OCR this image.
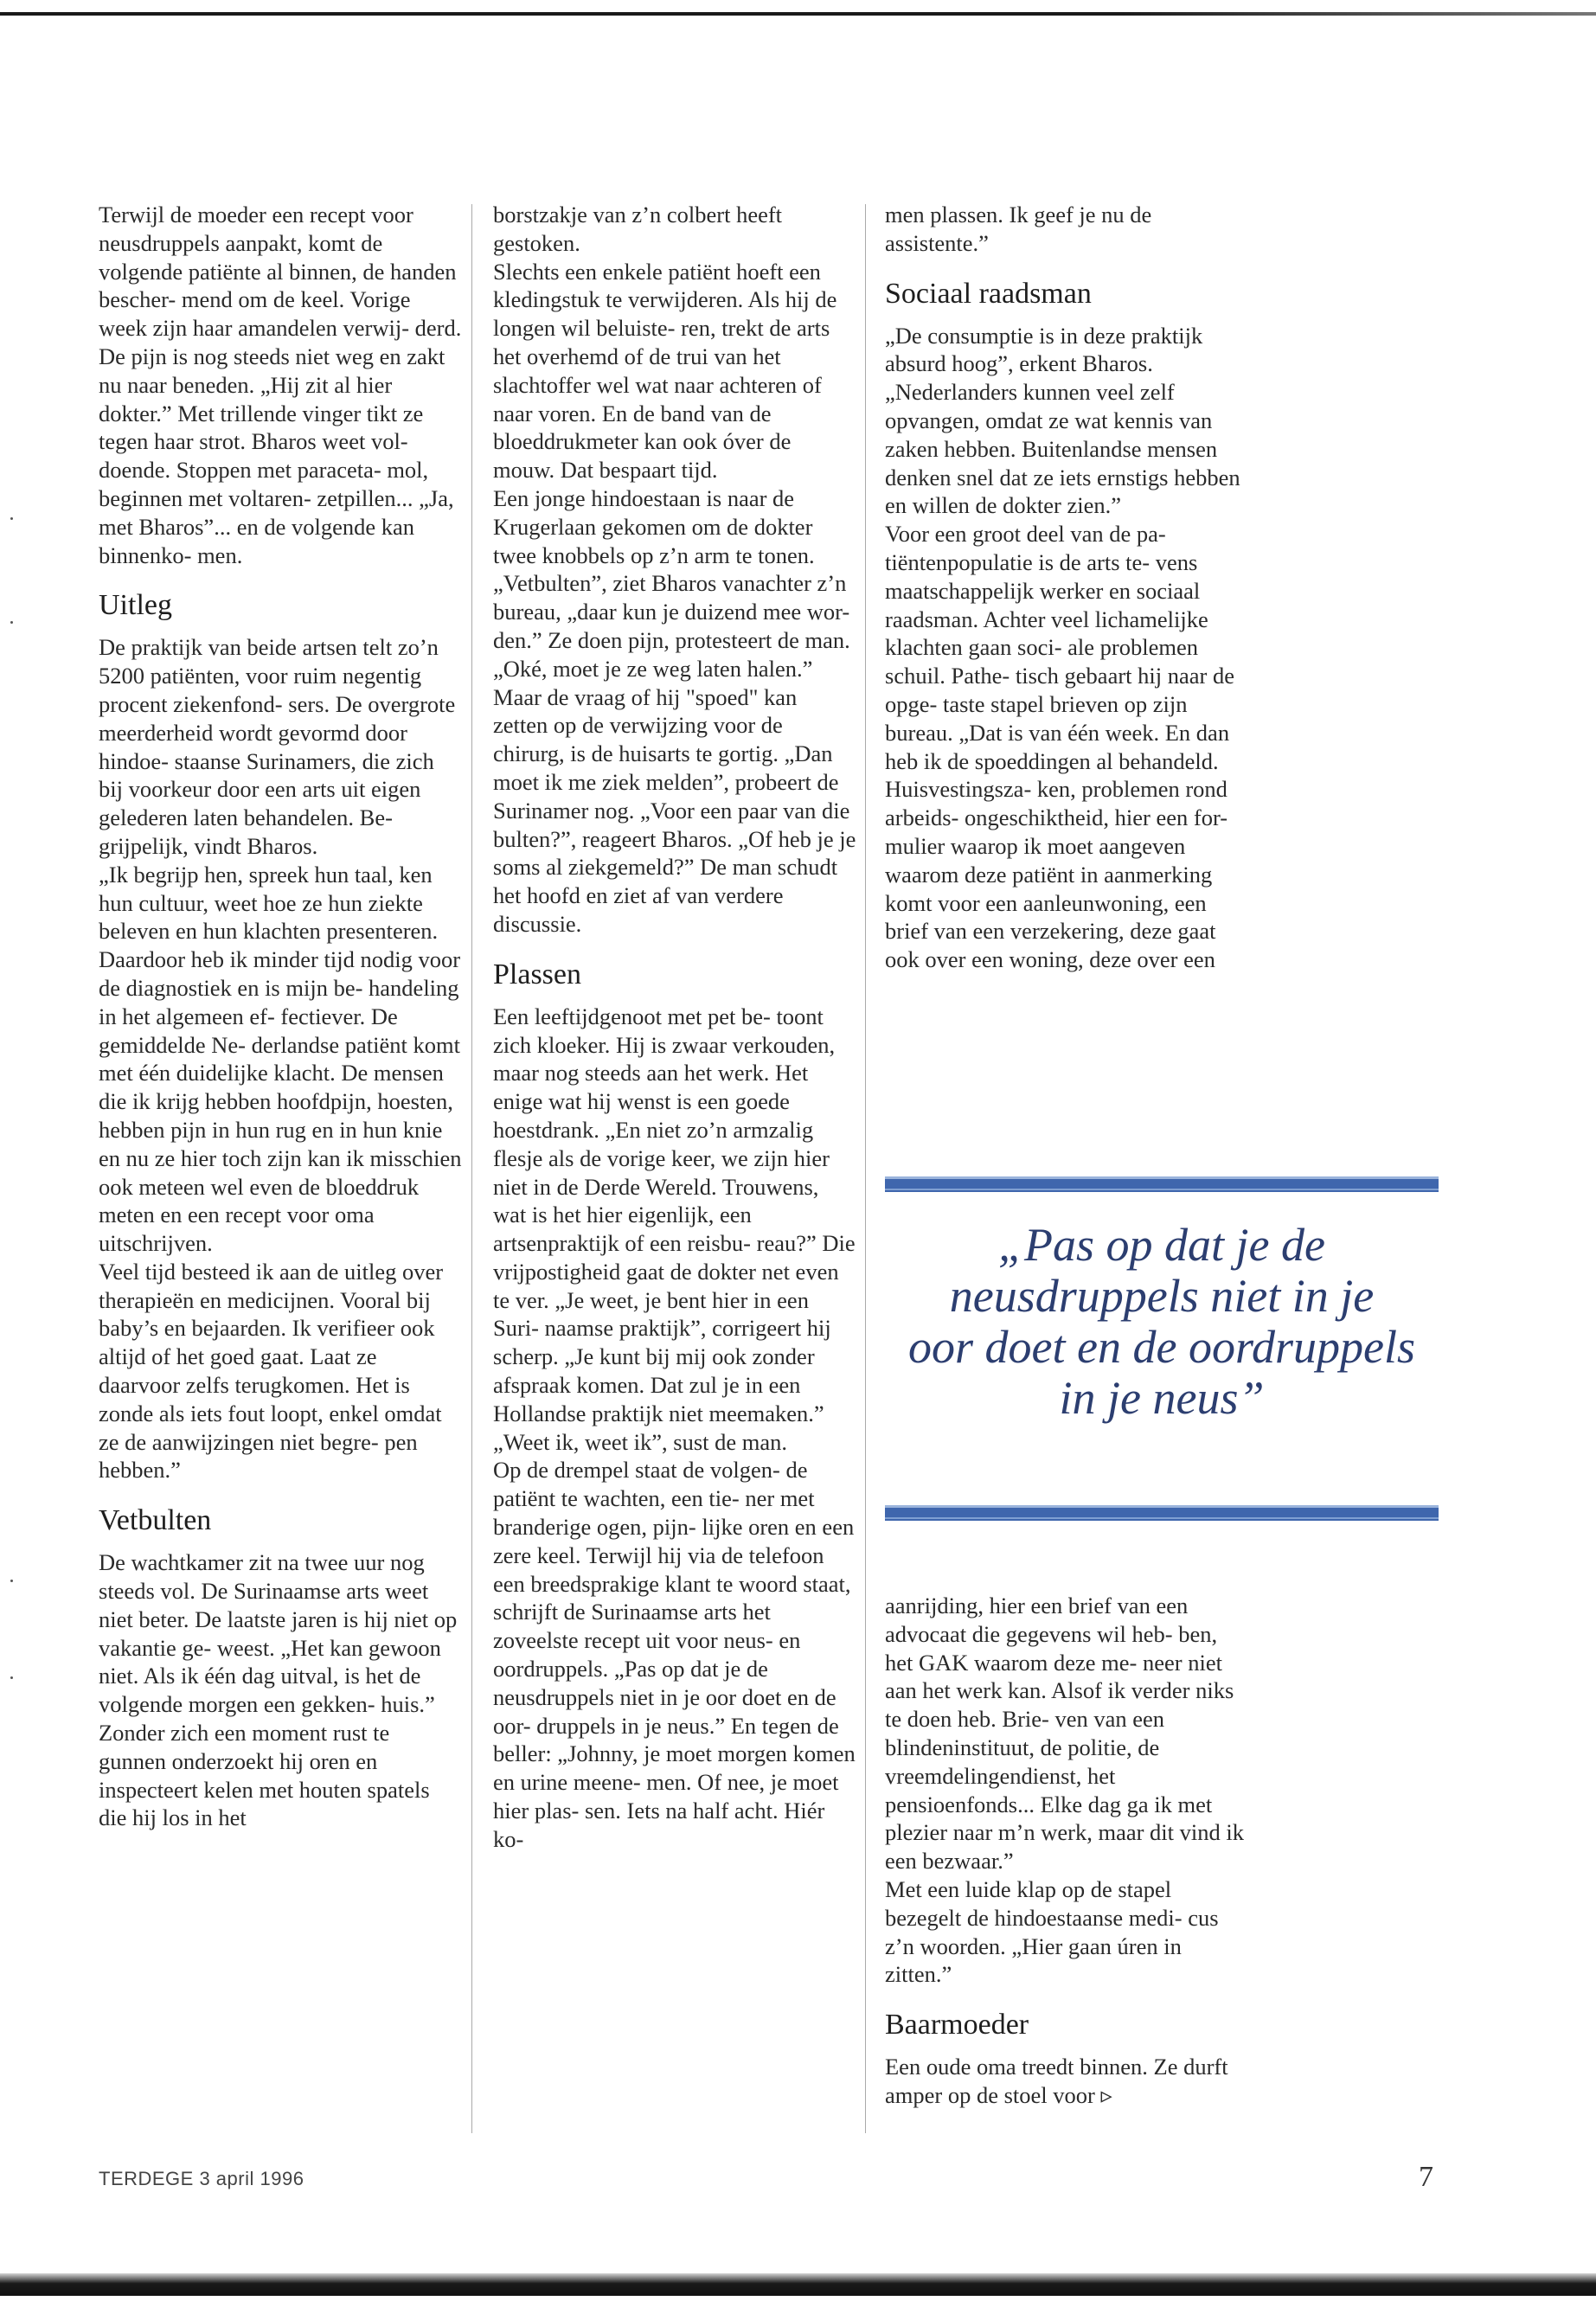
Terwijl de moeder een recept voor neusdruppels aanpakt, komt de volgende patiënte al binnen, de handen bescher- mend om de keel. Vorige week zijn haar amandelen verwij- derd. De pijn is nog steeds niet weg en zakt nu naar beneden. „Hij zit al hier dokter.” Met trillende vinger tikt ze tegen haar strot. Bharos weet vol- doende. Stoppen met paraceta- mol, beginnen met voltaren- zetpillen... „Ja, met Bharos”... en de volgende kan binnenko- men.

Uitleg

De praktijk van beide artsen telt zo’n 5200 patiënten, voor ruim negentig procent ziekenfond- sers. De overgrote meerderheid wordt gevormd door hindoe- staanse Surinamers, die zich bij voorkeur door een arts uit eigen gelederen laten behandelen. Be- grijpelijk, vindt Bharos.

„Ik begrijp hen, spreek hun taal, ken hun cultuur, weet hoe ze hun ziekte beleven en hun klachten presenteren. Daardoor heb ik minder tijd nodig voor de diagnostiek en is mijn be- handeling in het algemeen ef- fectiever. De gemiddelde Ne- derlandse patiënt komt met één duidelijke klacht. De mensen die ik krijg hebben hoofdpijn, hoesten, hebben pijn in hun rug en in hun knie en nu ze hier toch zijn kan ik misschien ook meteen wel even de bloeddruk meten en een recept voor oma uitschrijven.

Veel tijd besteed ik aan de uitleg over therapieën en medicijnen. Vooral bij baby’s en bejaarden. Ik verifieer ook altijd of het goed gaat. Laat ze daarvoor zelfs terugkomen. Het is zonde als iets fout loopt, enkel omdat ze de aanwijzingen niet begre- pen hebben.”

Vetbulten

De wachtkamer zit na twee uur nog steeds vol. De Surinaamse arts weet niet beter. De laatste jaren is hij niet op vakantie ge- weest. „Het kan gewoon niet. Als ik één dag uitval, is het de volgende morgen een gekken- huis.” Zonder zich een moment rust te gunnen onderzoekt hij oren en inspecteert kelen met houten spatels die hij los in het

borstzakje van z’n colbert heeft gestoken.

Slechts een enkele patiënt hoeft een kledingstuk te verwijderen. Als hij de longen wil beluiste- ren, trekt de arts het overhemd of de trui van het slachtoffer wel wat naar achteren of naar voren. En de band van de bloeddrukmeter kan ook óver de mouw. Dat bespaart tijd.

Een jonge hindoestaan is naar de Krugerlaan gekomen om de dokter twee knobbels op z’n arm te tonen. „Vetbulten”, ziet Bharos vanachter z’n bureau, „daar kun je duizend mee wor- den.” Ze doen pijn, protesteert de man. „Oké, moet je ze weg laten halen.” Maar de vraag of hij "spoed" kan zetten op de verwijzing voor de chirurg, is de huisarts te gortig. „Dan moet ik me ziek melden”, probeert de Surinamer nog. „Voor een paar van die bulten?”, reageert Bharos. „Of heb je je soms al ziekgemeld?” De man schudt het hoofd en ziet af van verdere discussie.

Plassen

Een leeftijdgenoot met pet be- toont zich kloeker. Hij is zwaar verkouden, maar nog steeds aan het werk. Het enige wat hij wenst is een goede hoestdrank. „En niet zo’n armzalig flesje als de vorige keer, we zijn hier niet in de Derde Wereld. Trouwens, wat is het hier eigenlijk, een artsenpraktijk of een reisbu- reau?” Die vrijpostigheid gaat de dokter net even te ver. „Je weet, je bent hier in een Suri- naamse praktijk”, corrigeert hij scherp. „Je kunt bij mij ook zonder afspraak komen. Dat zul je in een Hollandse praktijk niet meemaken.” „Weet ik, weet ik”, sust de man.

Op de drempel staat de volgen- de patiënt te wachten, een tie- ner met branderige ogen, pijn- lijke oren en een zere keel. Terwijl hij via de telefoon een breedsprakige klant te woord staat, schrijft de Surinaamse arts het zoveelste recept uit voor neus- en oordruppels. „Pas op dat je de neusdruppels niet in je oor doet en de oor- druppels in je neus.” En tegen de beller: „Johnny, je moet morgen komen en urine meene- men. Of nee, je moet hier plas- sen. Iets na half acht. Hiér ko-

men plassen. Ik geef je nu de assistente.”

Sociaal raadsman

„De consumptie is in deze praktijk absurd hoog”, erkent Bharos. „Nederlanders kunnen veel zelf opvangen, omdat ze wat kennis van zaken hebben. Buitenlandse mensen denken snel dat ze iets ernstigs hebben en willen de dokter zien.”

Voor een groot deel van de pa- tiëntenpopulatie is de arts te- vens maatschappelijk werker en sociaal raadsman. Achter veel lichamelijke klachten gaan soci- ale problemen schuil. Pathe- tisch gebaart hij naar de opge- taste stapel brieven op zijn bureau. „Dat is van één week. En dan heb ik de spoeddingen al behandeld. Huisvestingsza- ken, problemen rond arbeids- ongeschiktheid, hier een for- mulier waarop ik moet aangeven waarom deze patiënt in aanmerking komt voor een aanleunwoning, een brief van een verzekering, deze gaat ook over een woning, deze over een

„Pas op dat je de
neusdruppels niet in je
oor doet en de oordruppels
in je neus”

aanrijding, hier een brief van een advocaat die gegevens wil heb- ben, het GAK waarom deze me- neer niet aan het werk kan. Alsof ik verder niks te doen heb. Brie- ven van een blindeninstituut, de politie, de vreemdelingendienst, het pensioenfonds... Elke dag ga ik met plezier naar m’n werk, maar dit vind ik een bezwaar.”

Met een luide klap op de stapel bezegelt de hindoestaanse medi- cus z’n woorden. „Hier gaan úren in zitten.”

Baarmoeder

Een oude oma treedt binnen. Ze durft amper op de stoel voor ▹

TERDEGE 3 april 1996	7
